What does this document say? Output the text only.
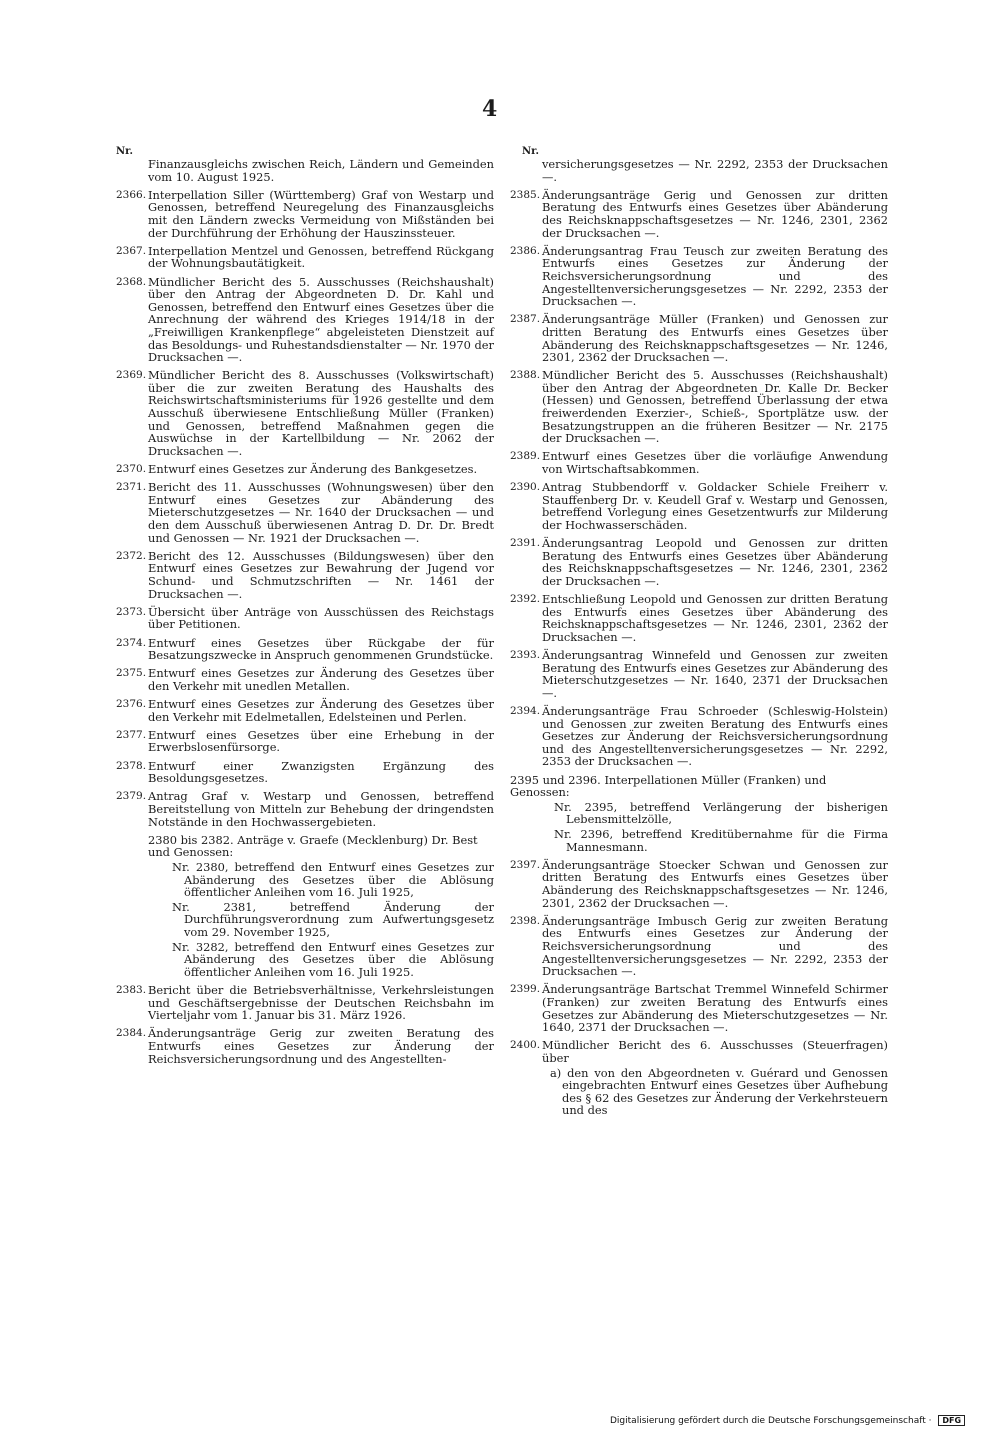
4
Nr.	Nr.
Finanzausgleichs zwischen Reich, Ländern und Gemeinden vom 10. August 1925.
2366. Interpellation Siller (Württemberg) Graf von Westarp und Genossen, betreffend Neuregelung des Finanzausgleichs mit den Ländern zwecks Vermeidung von Mißständen bei der Durchführung der Erhöhung der Hauszinssteuer.
2367. Interpellation Mentzel und Genossen, betreffend Rückgang der Wohnungsbautätigkeit.
2368. Mündlicher Bericht des 5. Ausschusses (Reichshaushalt) über den Antrag der Abgeordneten D. Dr. Kahl und Genossen, betreffend den Entwurf eines Gesetzes über die Anrechnung der während des Krieges 1914/18 in der „Freiwilligen Krankenpflege“ abgeleisteten Dienstzeit auf das Besoldungs- und Ruhestandsdienstalter — Nr. 1970 der Drucksachen —.
2369. Mündlicher Bericht des 8. Ausschusses (Volkswirtschaft) über die zur zweiten Beratung des Haushalts des Reichswirtschaftsministeriums für 1926 gestellte und dem Ausschuß überwiesene Entschließung Müller (Franken) und Genossen, betreffend Maßnahmen gegen die Auswüchse in der Kartellbildung — Nr. 2062 der Drucksachen —.
2370. Entwurf eines Gesetzes zur Änderung des Bankgesetzes.
2371. Bericht des 11. Ausschusses (Wohnungswesen) über den Entwurf eines Gesetzes zur Abänderung des Mieterschutzgesetzes — Nr. 1640 der Drucksachen — und den dem Ausschuß überwiesenen Antrag D. Dr. Dr. Bredt und Genossen — Nr. 1921 der Drucksachen —.
2372. Bericht des 12. Ausschusses (Bildungswesen) über den Entwurf eines Gesetzes zur Bewahrung der Jugend vor Schund- und Schmutzschriften — Nr. 1461 der Drucksachen —.
2373. Übersicht über Anträge von Ausschüssen des Reichstags über Petitionen.
2374. Entwurf eines Gesetzes über Rückgabe der für Besatzungszwecke in Anspruch genommenen Grundstücke.
2375. Entwurf eines Gesetzes zur Änderung des Gesetzes über den Verkehr mit unedlen Metallen.
2376. Entwurf eines Gesetzes zur Änderung des Gesetzes über den Verkehr mit Edelmetallen, Edelsteinen und Perlen.
2377. Entwurf eines Gesetzes über eine Erhebung in der Erwerbslosenfürsorge.
2378. Entwurf einer Zwanzigsten Ergänzung des Besoldungsgesetzes.
2379. Antrag Graf v. Westarp und Genossen, betreffend Bereitstellung von Mitteln zur Behebung der dringendsten Notstände in den Hochwassergebieten.
2380 bis 2382. Anträge v. Graefe (Mecklenburg) Dr. Best und Genossen:
Nr. 2380, betreffend den Entwurf eines Gesetzes zur Abänderung des Gesetzes über die Ablösung öffentlicher Anleihen vom 16. Juli 1925,
Nr. 2381, betreffend Änderung der Durchführungsverordnung zum Aufwertungsgesetz vom 29. November 1925,
Nr. 3282, betreffend den Entwurf eines Gesetzes zur Abänderung des Gesetzes über die Ablösung öffentlicher Anleihen vom 16. Juli 1925.
2383. Bericht über die Betriebsverhältnisse, Verkehrsleistungen und Geschäftsergebnisse der Deutschen Reichsbahn im Vierteljahr vom 1. Januar bis 31. März 1926.
2384. Änderungsanträge Gerig zur zweiten Beratung des Entwurfs eines Gesetzes zur Änderung der Reichsversicherungsordnung und des Angestellten-
versicherungsgesetzes — Nr. 2292, 2353 der Drucksachen —.
2385. Änderungsanträge Gerig und Genossen zur dritten Beratung des Entwurfs eines Gesetzes über Abänderung des Reichsknappschaftsgesetzes — Nr. 1246, 2301, 2362 der Drucksachen —.
2386. Änderungsantrag Frau Teusch zur zweiten Beratung des Entwurfs eines Gesetzes zur Änderung der Reichsversicherungsordnung und des Angestelltenversicherungsgesetzes — Nr. 2292, 2353 der Drucksachen —.
2387. Änderungsanträge Müller (Franken) und Genossen zur dritten Beratung des Entwurfs eines Gesetzes über Abänderung des Reichsknappschaftsgesetzes — Nr. 1246, 2301, 2362 der Drucksachen —.
2388. Mündlicher Bericht des 5. Ausschusses (Reichshaushalt) über den Antrag der Abgeordneten Dr. Kalle Dr. Becker (Hessen) und Genossen, betreffend Überlassung der etwa freiwerdenden Exerzier-, Schieß-, Sportplätze usw. der Besatzungstruppen an die früheren Besitzer — Nr. 2175 der Drucksachen —.
2389. Entwurf eines Gesetzes über die vorläufige Anwendung von Wirtschaftsabkommen.
2390. Antrag Stubbendorff v. Goldacker Schiele Freiherr v. Stauffenberg Dr. v. Keudell Graf v. Westarp und Genossen, betreffend Vorlegung eines Gesetzentwurfs zur Milderung der Hochwasserschäden.
2391. Änderungsantrag Leopold und Genossen zur dritten Beratung des Entwurfs eines Gesetzes über Abänderung des Reichsknappschaftsgesetzes — Nr. 1246, 2301, 2362 der Drucksachen —.
2392. Entschließung Leopold und Genossen zur dritten Beratung des Entwurfs eines Gesetzes über Abänderung des Reichsknappschaftsgesetzes — Nr. 1246, 2301, 2362 der Drucksachen —.
2393. Änderungsantrag Winnefeld und Genossen zur zweiten Beratung des Entwurfs eines Gesetzes zur Abänderung des Mieterschutzgesetzes — Nr. 1640, 2371 der Drucksachen —.
2394. Änderungsanträge Frau Schroeder (Schleswig-Holstein) und Genossen zur zweiten Beratung des Entwurfs eines Gesetzes zur Änderung der Reichsversicherungsordnung und des Angestelltenversicherungsgesetzes — Nr. 2292, 2353 der Drucksachen —.
2395 und 2396. Interpellationen Müller (Franken) und Genossen:
Nr. 2395, betreffend Verlängerung der bisherigen Lebensmittelzölle,
Nr. 2396, betreffend Kreditübernahme für die Firma Mannesmann.
2397. Änderungsanträge Stoecker Schwan und Genossen zur dritten Beratung des Entwurfs eines Gesetzes über Abänderung des Reichsknappschaftsgesetzes — Nr. 1246, 2301, 2362 der Drucksachen —.
2398. Änderungsanträge Imbusch Gerig zur zweiten Beratung des Entwurfs eines Gesetzes zur Änderung der Reichsversicherungsordnung und des Angestelltenversicherungsgesetzes — Nr. 2292, 2353 der Drucksachen —.
2399. Änderungsanträge Bartschat Tremmel Winnefeld Schirmer (Franken) zur zweiten Beratung des Entwurfs eines Gesetzes zur Abänderung des Mieterschutzgesetzes — Nr. 1640, 2371 der Drucksachen —.
2400. Mündlicher Bericht des 6. Ausschusses (Steuerfragen) über
a) den von den Abgeordneten v. Guérard und Genossen eingebrachten Entwurf eines Gesetzes über Aufhebung des § 62 des Gesetzes zur Änderung der Verkehrsteuern und des
Digitalisierung gefördert durch die Deutsche Forschungsgemeinschaft · DFG
